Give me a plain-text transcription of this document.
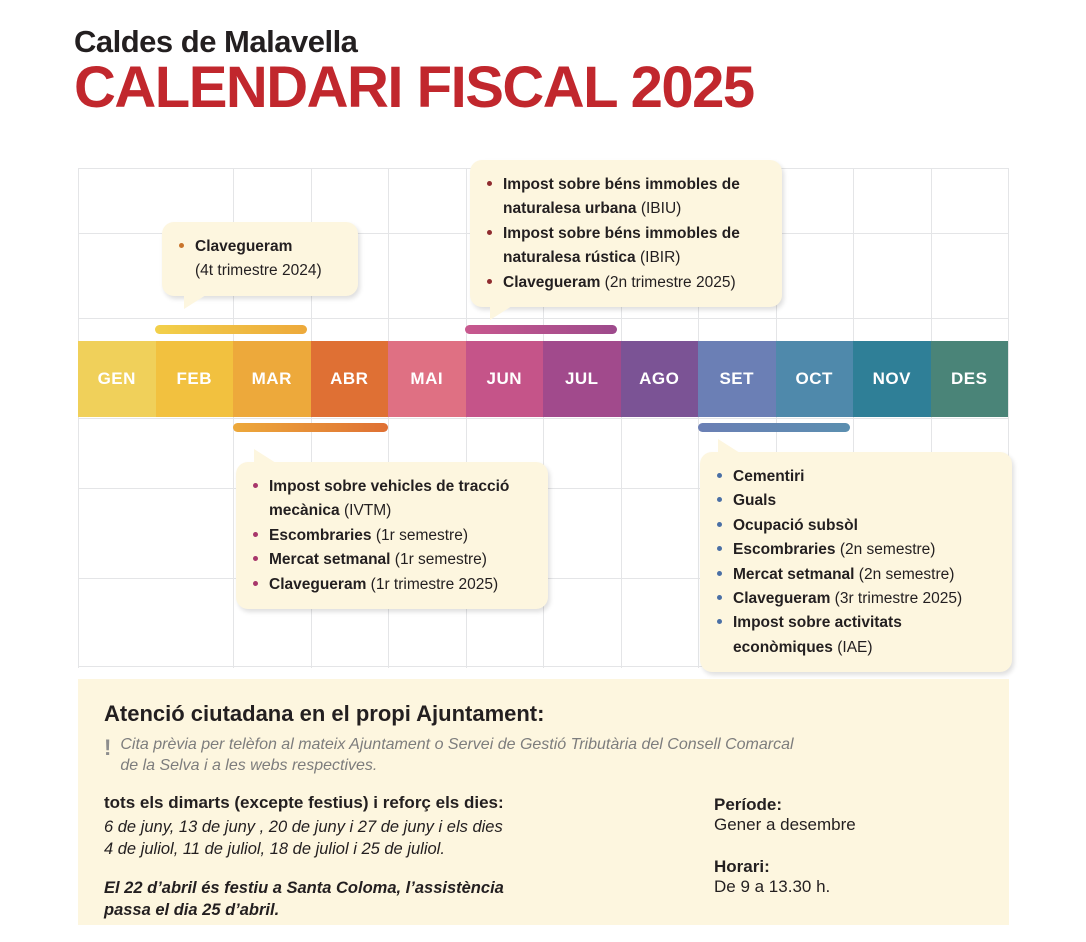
Caldes de Malavella
CALENDARI FISCAL 2025
GEN	FEB	MAR	ABR	MAI	JUN	JUL	AGO	SET	OCT	NOV	DES
Clavegueram
(4t trimestre 2024)
Impost sobre béns immobles de
naturalesa urbana (IBIU)
Impost sobre béns immobles de
naturalesa rústica (IBIR)
Clavegueram (2n trimestre 2025)
Impost sobre vehicles de tracció
mecànica (IVTM)
Escombraries (1r semestre)
Mercat setmanal (1r semestre)
Clavegueram (1r trimestre 2025)
Cementiri
Guals
Ocupació subsòl
Escombraries (2n semestre)
Mercat setmanal (2n semestre)
Clavegueram (3r trimestre 2025)
Impost sobre activitats
econòmiques (IAE)
Atenció ciutadana en el propi Ajuntament:
! Cita prèvia per telèfon al mateix Ajuntament o Servei de Gestió Tributària del Consell Comarcal
de la Selva i a les webs respectives.
tots els dimarts (excepte festius) i reforç els dies:
6 de juny, 13 de juny , 20 de juny i 27 de juny i els dies
4 de juliol, 11 de juliol, 18 de juliol i 25 de juliol.
El 22 d’abril és festiu a Santa Coloma, l’assistència
passa el dia 25 d’abril.
Període:
Gener a desembre
Horari:
De 9 a 13.30 h.
